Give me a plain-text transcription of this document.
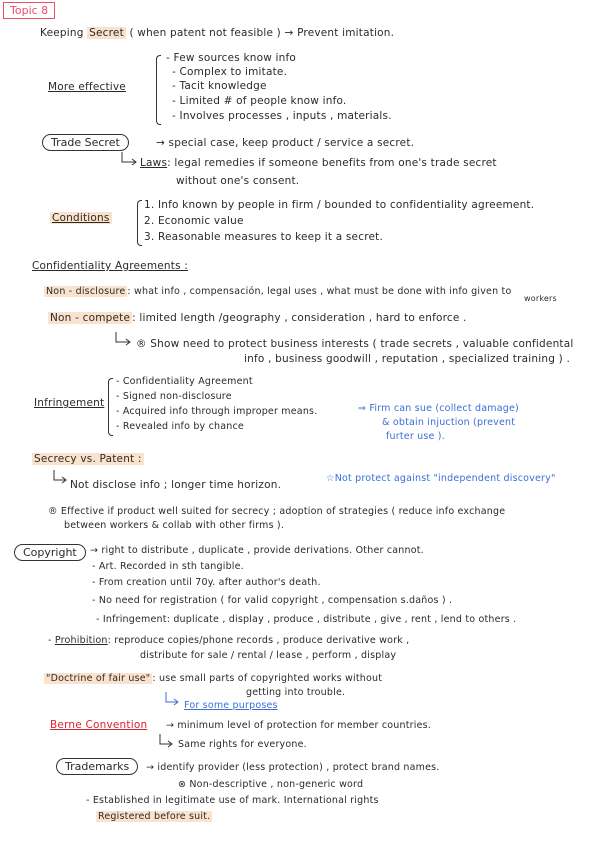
Topic 8
Keeping Secret ( when patent not feasible ) → Prevent imitation.
More effective
- Few sources know info
- Complex to imitate.
- Tacit knowledge
- Limited # of people know info.
- Involves processes , inputs , materials.
Trade Secret	→ special case, keep product / service a secret.
Laws: legal remedies if someone benefits from one's trade secret
without one's consent.
Conditions
1. Info known by people in firm / bounded to confidentiality agreement.
2. Economic value
3. Reasonable measures to keep it a secret.
Confidentiality Agreements :
Non - disclosure : what info , compensación, legal uses , what must be done with info given to
workers
Non - compete : limited length /geography , consideration , hard to enforce .
® Show need to protect business interests ( trade secrets , valuable confidental
info , business goodwill , reputation , specialized training ) .
Infringement
- Confidentiality Agreement
- Signed non-disclosure
- Acquired info through improper means.
- Revealed info by chance
⇒ Firm can sue (collect damage)
& obtain injuction (prevent
furter use ).
Secrecy vs. Patent :
Not disclose info ; longer time horizon.
☆Not protect against "independent discovery"
® Effective if product well suited for secrecy ; adoption of strategies ( reduce info exchange
between workers & collab with other firms ).
Copyright	→ right to distribute , duplicate , provide derivations. Other cannot.
- Art. Recorded in sth tangible.
- From creation until 70y. after author's death.
- No need for registration ( for valid copyright , compensation s.daños ) .
- Infringement: duplicate , display , produce , distribute , give , rent , lend to others .
- Prohibition: reproduce copies/phone records , produce derivative work ,
distribute for sale / rental / lease , perform , display
"Doctrine of fair use" : use small parts of copyrighted works without
getting into trouble.
For some purposes
Berne Convention → minimum level of protection for member countries.
Same rights for everyone.
Trademarks	→ identify provider (less protection) , protect brand names.
⊗ Non-descriptive , non-generic word
- Established in legitimate use of mark. International rights
Registered before suit.
